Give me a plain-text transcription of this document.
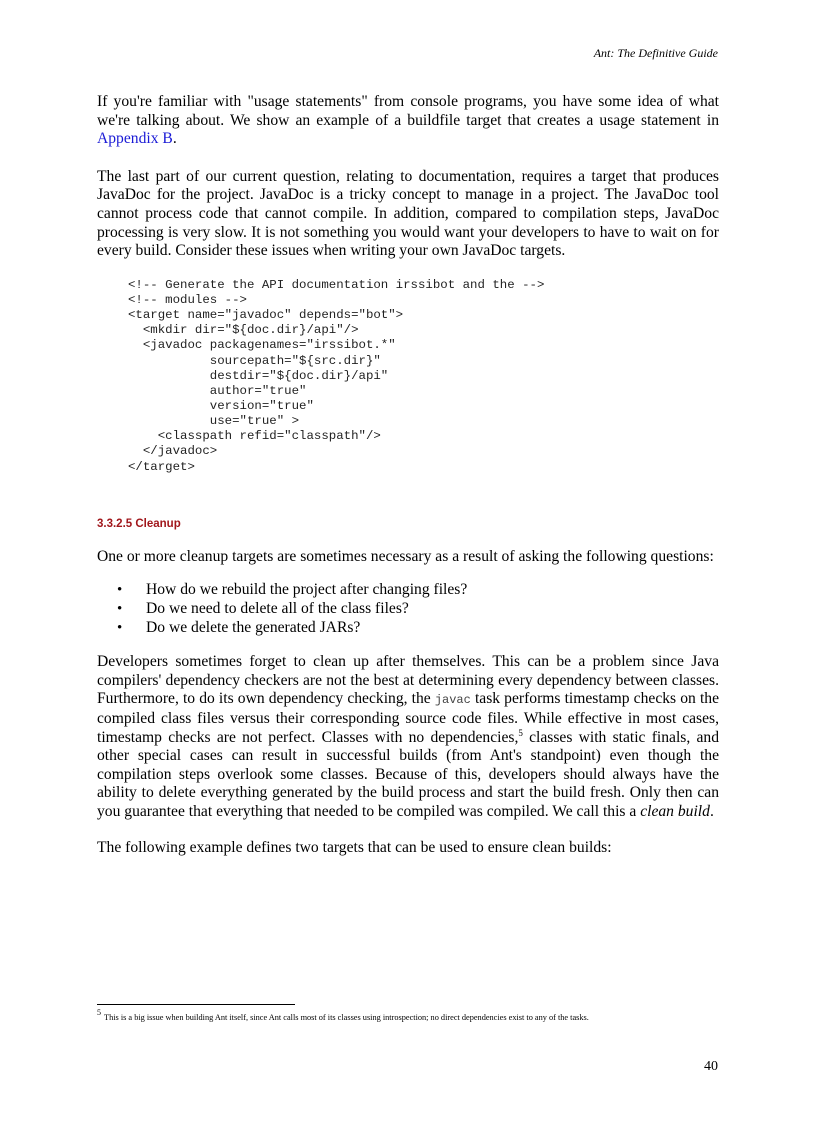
Ant: The Definitive Guide

If you're familiar with "usage statements" from console programs, you have some idea of what we're talking about. We show an example of a buildfile target that creates a usage statement in Appendix B.

The last part of our current question, relating to documentation, requires a target that produces JavaDoc for the project. JavaDoc is a tricky concept to manage in a project. The JavaDoc tool cannot process code that cannot compile. In addition, compared to compilation steps, JavaDoc processing is very slow. It is not something you would want your developers to have to wait on for every build. Consider these issues when writing your own JavaDoc targets.

<!-- Generate the API documentation irssibot and the -->
<!-- modules -->
<target name="javadoc" depends="bot">
<mkdir dir="${doc.dir}/api"/>
<javadoc packagenames="irssibot.*"
sourcepath="${src.dir}"
destdir="${doc.dir}/api"
author="true"
version="true"
use="true" >
<classpath refid="classpath"/>
</javadoc>
</target>
3.3.2.5 Cleanup

One or more cleanup targets are sometimes necessary as a result of asking the following questions:

• How do we rebuild the project after changing files?
• Do we need to delete all of the class files?
• Do we delete the generated JARs?

Developers sometimes forget to clean up after themselves. This can be a problem since Java compilers' dependency checkers are not the best at determining every dependency between classes. Furthermore, to do its own dependency checking, the javac task performs timestamp checks on the compiled class files versus their corresponding source code files. While effective in most cases, timestamp checks are not perfect. Classes with no dependencies,$^5$ classes with static finals, and other special cases can result in successful builds (from Ant's standpoint) even though the compilation steps overlook some classes. Because of this, developers should always have the ability to delete everything generated by the build process and start the build fresh. Only then can you guarantee that everything that needed to be compiled was compiled. We call this a clean build.

The following example defines two targets that can be used to ensure clean builds:

$^5$This is a big issue when building Ant itself, since Ant calls most of its classes using introspection; no direct dependencies exist to any of the tasks.
40
